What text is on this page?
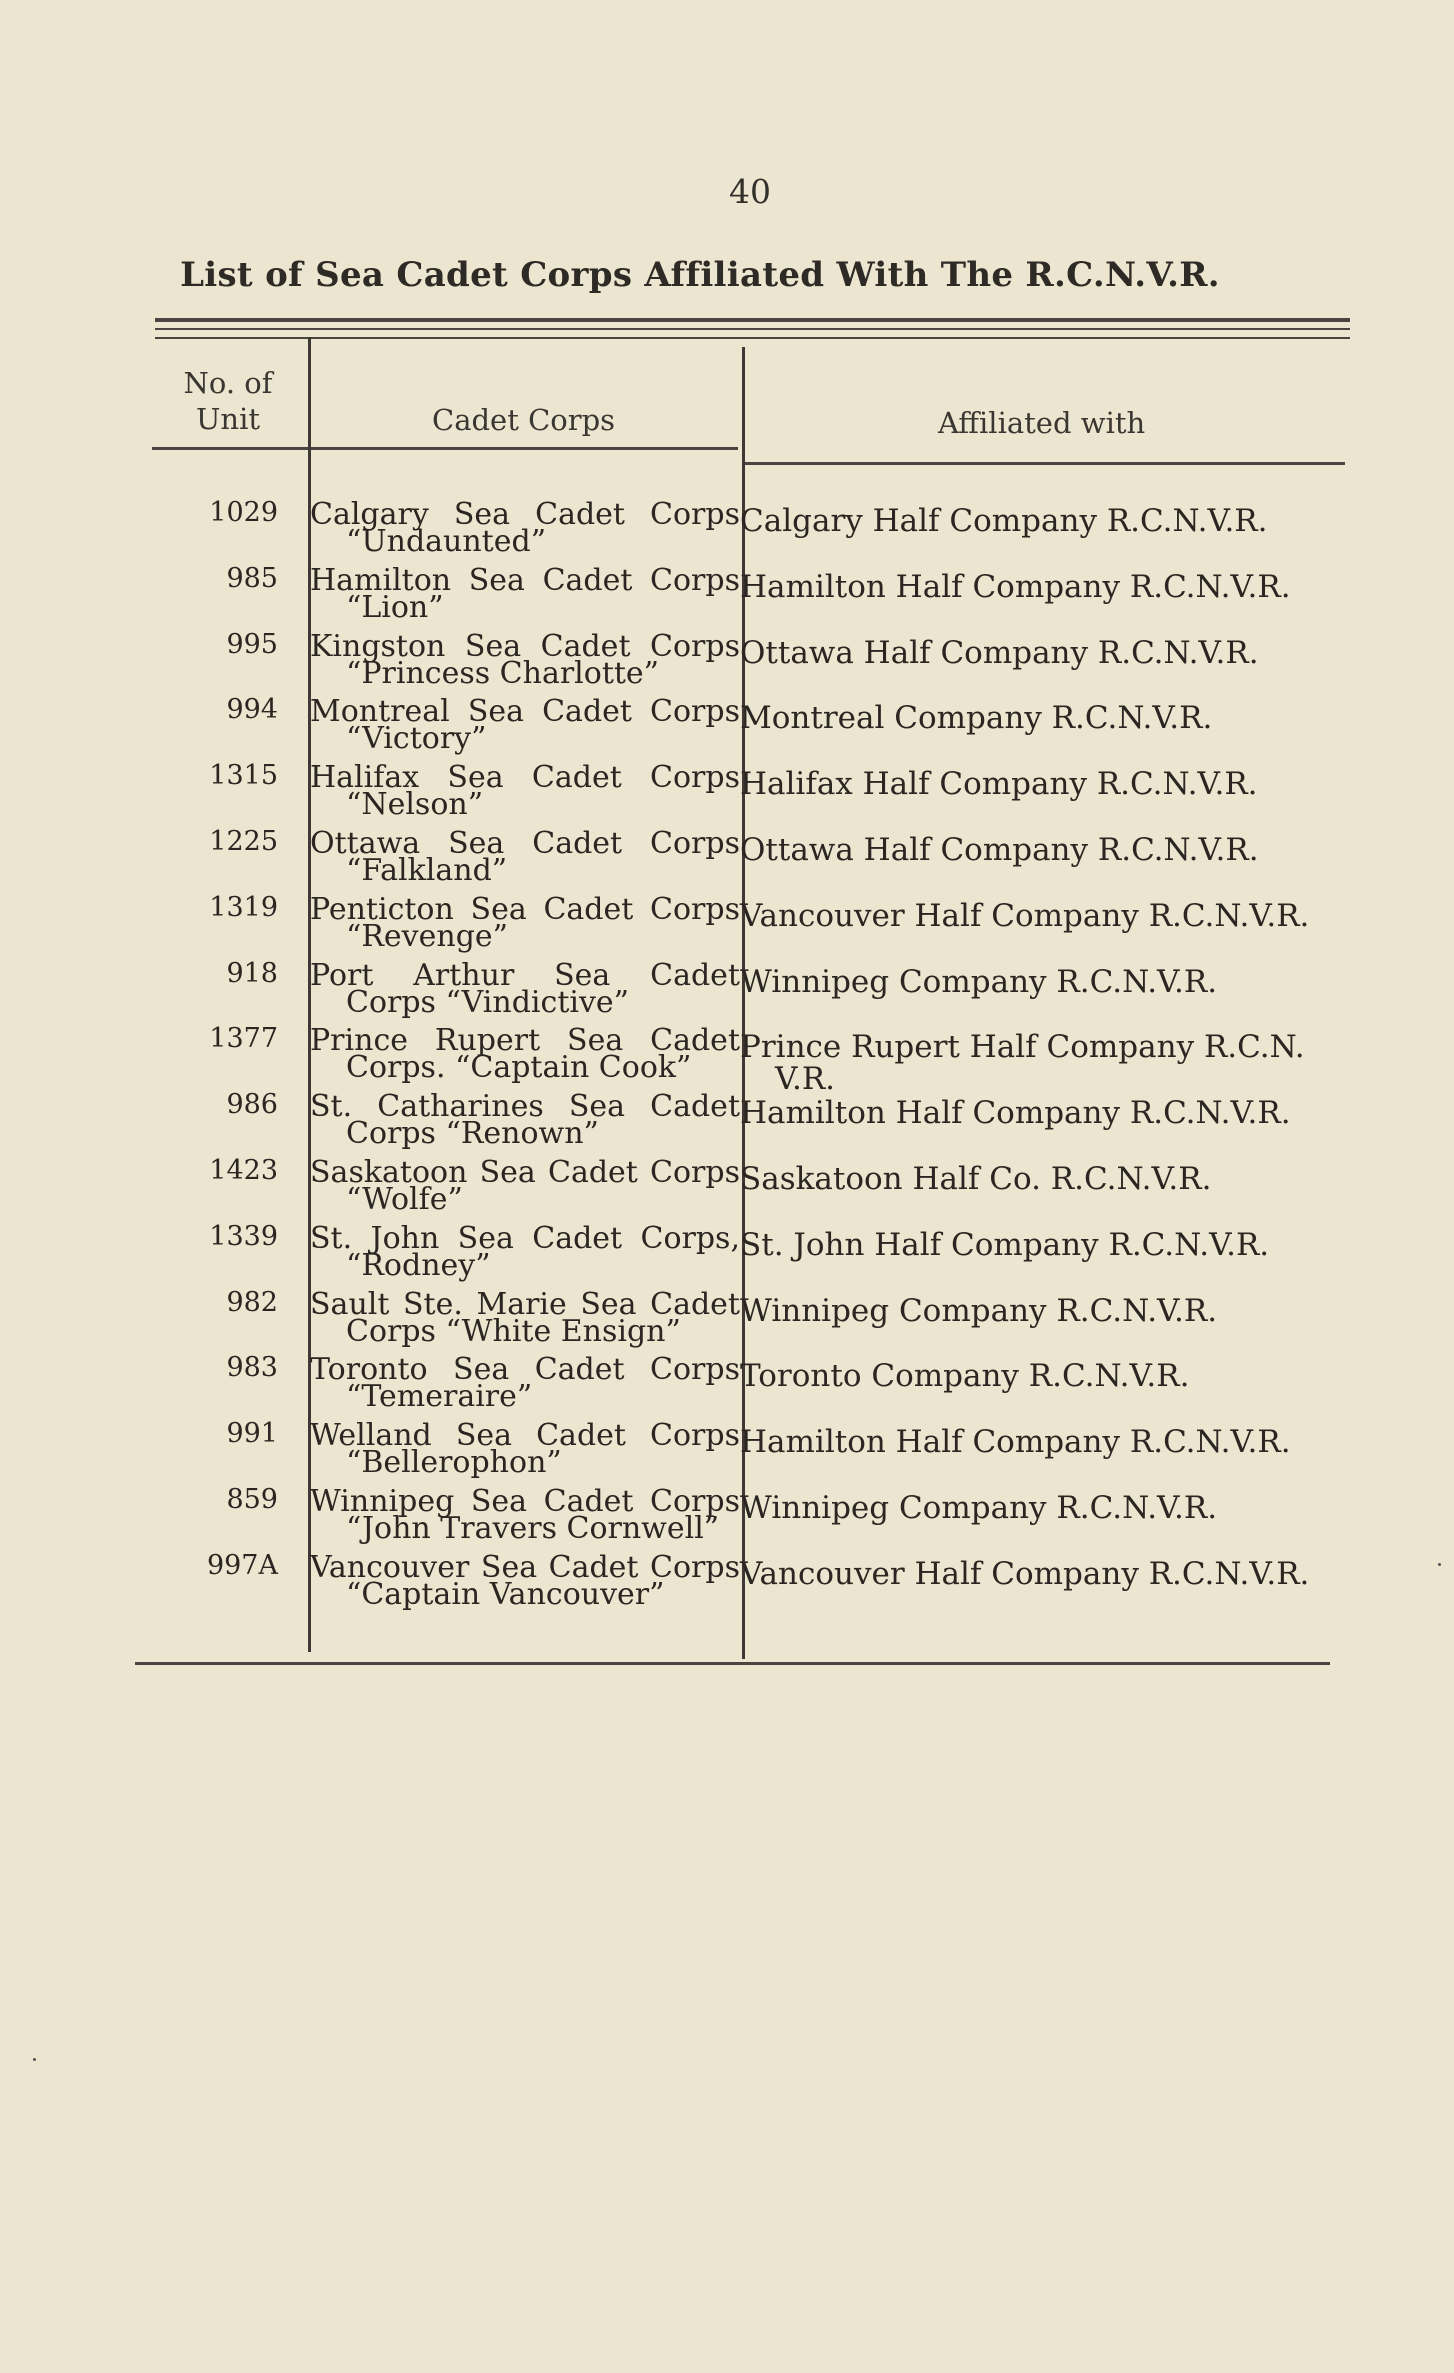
40
List of Sea Cadet Corps Affiliated With The R.C.N.V.R.
No. of
Unit	Cadet Corps	Affiliated with
1029 Calgary Sea Cadet Corps
“Undaunted”
Calgary Half Company R.C.N.V.R.
985 Hamilton Sea Cadet Corps
“Lion”
Hamilton Half Company R.C.N.V.R.
995 Kingston Sea Cadet Corps
“Princess Charlotte”
Ottawa Half Company R.C.N.V.R.
994 Montreal Sea Cadet Corps
“Victory”
Montreal Company R.C.N.V.R.
1315 Halifax Sea Cadet Corps
“Nelson”
Halifax Half Company R.C.N.V.R.
1225 Ottawa Sea Cadet Corps
“Falkland”
Ottawa Half Company R.C.N.V.R.
1319 Penticton Sea Cadet Corps
“Revenge”
Vancouver Half Company R.C.N.V.R.
918 Port Arthur Sea Cadet
Corps “Vindictive”
Winnipeg Company R.C.N.V.R.
1377 Prince Rupert Sea Cadet
Corps. “Captain Cook”
Prince Rupert Half Company R.C.N.
V.R.
986 St. Catharines Sea Cadet
Corps “Renown”
Hamilton Half Company R.C.N.V.R.
1423 Saskatoon Sea Cadet Corps
“Wolfe”
Saskatoon Half Co. R.C.N.V.R.
1339 St. John Sea Cadet Corps,
“Rodney”
St. John Half Company R.C.N.V.R.
982 Sault Ste. Marie Sea Cadet
Corps “White Ensign”
Winnipeg Company R.C.N.V.R.
983 Toronto Sea Cadet Corps
“Temeraire”
Toronto Company R.C.N.V.R.
991 Welland Sea Cadet Corps
“Bellerophon”
Hamilton Half Company R.C.N.V.R.
859 Winnipeg Sea Cadet Corps
“John Travers Cornwell”
Winnipeg Company R.C.N.V.R.
997A Vancouver Sea Cadet Corps
“Captain Vancouver”
Vancouver Half Company R.C.N.V.R.
